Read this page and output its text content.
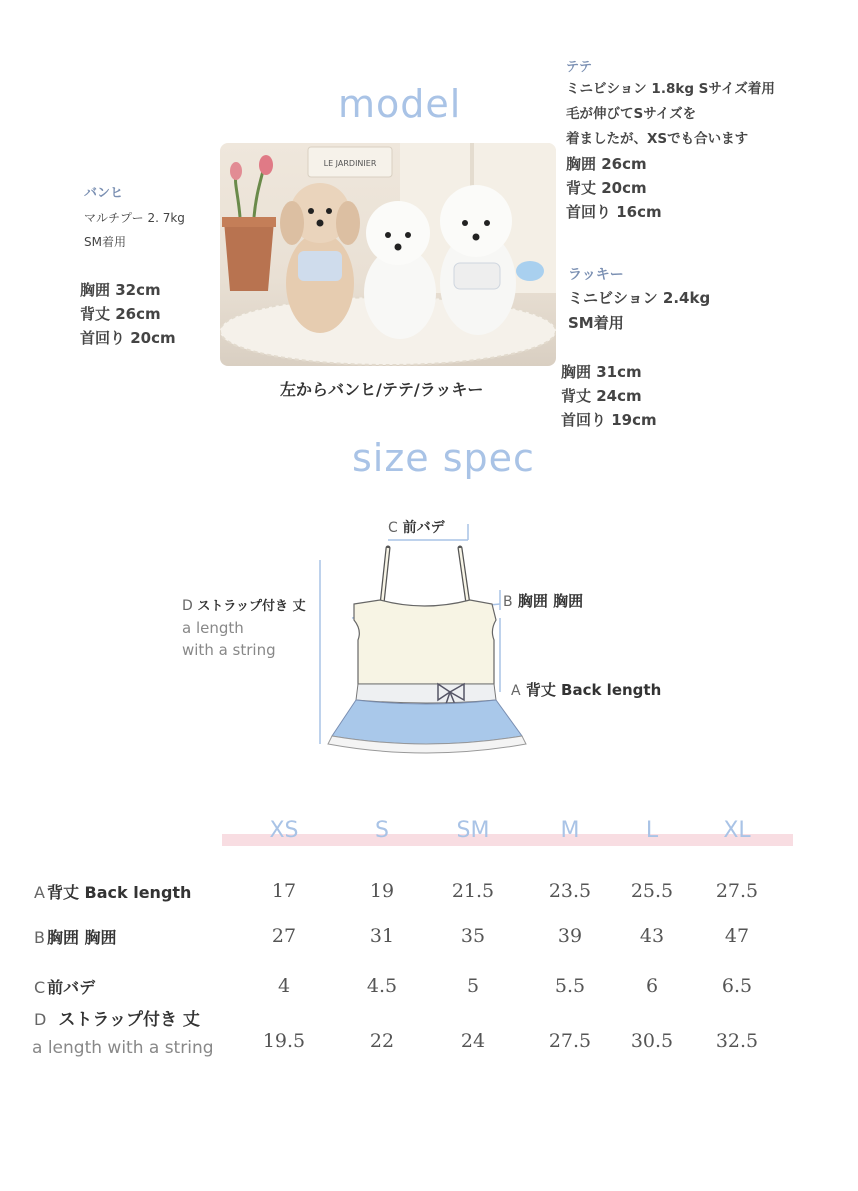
model
size spec
バンヒ
マルチプー 2. 7kg
SM着用
胸囲 32cm
背丈 26cm
首回り 20cm
LE JARDINIER
左からバンヒ/テテ/ラッキー
テテ
ミニビション 1.8kg Sサイズ着用
毛が伸びてSサイズを
着ましたが、XSでも合います
胸囲 26cm
背丈 20cm
首回り 16cm
ラッキー
ミニビション 2.4kg
SM着用
胸囲 31cm
背丈 24cm
首回り 19cm
C 前バデ
B 胸囲 胸囲
A 背丈 Back length
D ストラップ付き 丈
a length
with a string
XS	S	SM	M	L	XL
A 背丈 Back length	17	19	21.5	23.5	25.5	27.5
B 胸囲 胸囲	27	31	35	39	43	47
C 前バデ	4	4.5	5	5.5	6	6.5
D ストラップ付き 丈
a length with a string	19.5	22	24	27.5	30.5	32.5
